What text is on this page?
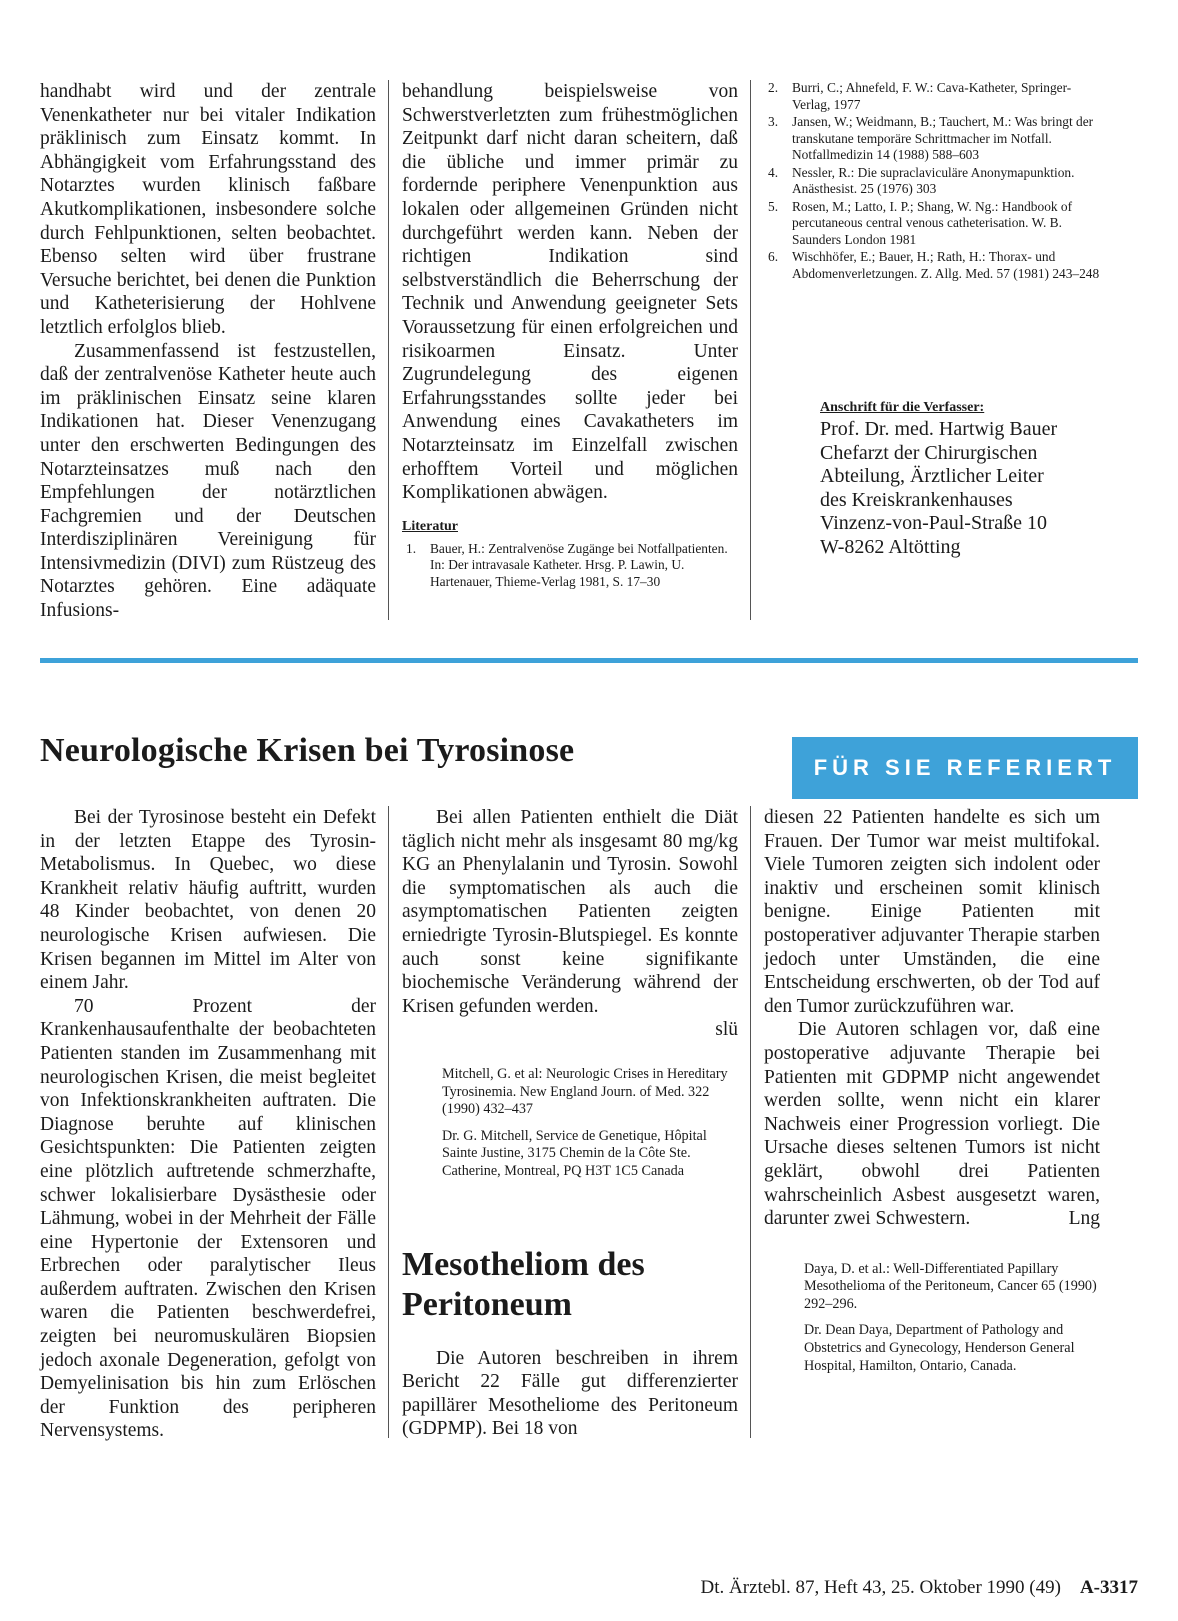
handhabt wird und der zentrale Venenkatheter nur bei vitaler Indikation präklinisch zum Einsatz kommt. In Abhängigkeit vom Erfahrungsstand des Notarztes wurden klinisch faßbare Akutkomplikationen, insbesondere solche durch Fehlpunktionen, selten beobachtet. Ebenso selten wird über frustrane Versuche berichtet, bei denen die Punktion und Katheterisierung der Hohlvene letztlich erfolglos blieb.

Zusammenfassend ist festzustellen, daß der zentralvenöse Katheter heute auch im präklinischen Einsatz seine klaren Indikationen hat. Dieser Venenzugang unter den erschwerten Bedingungen des Notarzteinsatzes muß nach den Empfehlungen der notärztlichen Fachgremien und der Deutschen Interdisziplinären Vereinigung für Intensivmedizin (DIVI) zum Rüstzeug des Notarztes gehören. Eine adäquate Infusions-

behandlung beispielsweise von Schwerstverletzten zum frühestmöglichen Zeitpunkt darf nicht daran scheitern, daß die übliche und immer primär zu fordernde periphere Venenpunktion aus lokalen oder allgemeinen Gründen nicht durchgeführt werden kann. Neben der richtigen Indikation sind selbstverständlich die Beherrschung der Technik und Anwendung geeigneter Sets Voraussetzung für einen erfolgreichen und risikoarmen Einsatz. Unter Zugrundelegung des eigenen Erfahrungsstandes sollte jeder bei Anwendung eines Cavakatheters im Notarzteinsatz im Einzelfall zwischen erhofftem Vorteil und möglichen Komplikationen abwägen.

Literatur
1. Bauer, H.: Zentralvenöse Zugänge bei Notfallpatienten. In: Der intravasale Katheter. Hrsg. P. Lawin, U. Hartenauer, Thieme-Verlag 1981, S. 17–30
2. Burri, C.; Ahnefeld, F. W.: Cava-Katheter, Springer-Verlag, 1977
3. Jansen, W.; Weidmann, B.; Tauchert, M.: Was bringt der transkutane temporäre Schrittmacher im Notfall. Notfallmedizin 14 (1988) 588–603
4. Nessler, R.: Die supraclaviculäre Anonymapunktion. Anästhesist. 25 (1976) 303
5. Rosen, M.; Latto, I. P.; Shang, W. Ng.: Handbook of percutaneous central venous catheterisation. W. B. Saunders London 1981
6. Wischhöfer, E.; Bauer, H.; Rath, H.: Thorax- und Abdomenverletzungen. Z. Allg. Med. 57 (1981) 243–248
Anschrift für die Verfasser:

Prof. Dr. med. Hartwig Bauer

Chefarzt der Chirurgischen

Abteilung, Ärztlicher Leiter

des Kreiskrankenhauses

Vinzenz-von-Paul-Straße 10

W-8262 Altötting

Neurologische Krisen bei Tyrosinose	FÜR SIE REFERIERT

Bei der Tyrosinose besteht ein Defekt in der letzten Etappe des Tyrosin-Metabolismus. In Quebec, wo diese Krankheit relativ häufig auftritt, wurden 48 Kinder beobachtet, von denen 20 neurologische Krisen aufwiesen. Die Krisen begannen im Mittel im Alter von einem Jahr.

70 Prozent der Krankenhausaufenthalte der beobachteten Patienten standen im Zusammenhang mit neurologischen Krisen, die meist begleitet von Infektionskrankheiten auftraten. Die Diagnose beruhte auf klinischen Gesichtspunkten: Die Patienten zeigten eine plötzlich auftretende schmerzhafte, schwer lokalisierbare Dysästhesie oder Lähmung, wobei in der Mehrheit der Fälle eine Hypertonie der Extensoren und Erbrechen oder paralytischer Ileus außerdem auftraten. Zwischen den Krisen waren die Patienten beschwerdefrei, zeigten bei neuromuskulären Biopsien jedoch axonale Degeneration, gefolgt von Demyelinisation bis hin zum Erlöschen der Funktion des peripheren Nervensystems.

Bei allen Patienten enthielt die Diät täglich nicht mehr als insgesamt 80 mg/kg KG an Phenylalanin und Tyrosin. Sowohl die symptomatischen als auch die asymptomatischen Patienten zeigten erniedrigte Tyrosin-Blutspiegel. Es konnte auch sonst keine signifikante biochemische Veränderung während der Krisen gefunden werden.

slü

Mitchell, G. et al: Neurologic Crises in Hereditary Tyrosinemia. New England Journ. of Med. 322 (1990) 432–437

Dr. G. Mitchell, Service de Genetique, Hôpital Sainte Justine, 3175 Chemin de la Côte Ste. Catherine, Montreal, PQ H3T 1C5 Canada

Mesotheliom des Peritoneum

Die Autoren beschreiben in ihrem Bericht 22 Fälle gut differenzierter papillärer Mesotheliome des Peritoneum (GDPMP). Bei 18 von

diesen 22 Patienten handelte es sich um Frauen. Der Tumor war meist multifokal. Viele Tumoren zeigten sich indolent oder inaktiv und erscheinen somit klinisch benigne. Einige Patienten mit postoperativer adjuvanter Therapie starben jedoch unter Umständen, die eine Entscheidung erschwerten, ob der Tod auf den Tumor zurückzuführen war.

Die Autoren schlagen vor, daß eine postoperative adjuvante Therapie bei Patienten mit GDPMP nicht angewendet werden sollte, wenn nicht ein klarer Nachweis einer Progression vorliegt. Die Ursache dieses seltenen Tumors ist nicht geklärt, obwohl drei Patienten wahrscheinlich Asbest ausgesetzt waren, darunter zwei Schwestern.	Lng

Daya, D. et al.: Well-Differentiated Papillary Mesothelioma of the Peritoneum, Cancer 65 (1990) 292–296.

Dr. Dean Daya, Department of Pathology and Obstetrics and Gynecology, Henderson General Hospital, Hamilton, Ontario, Canada.

Dt. Ärztebl. 87, Heft 43, 25. Oktober 1990 (49) A-3317
